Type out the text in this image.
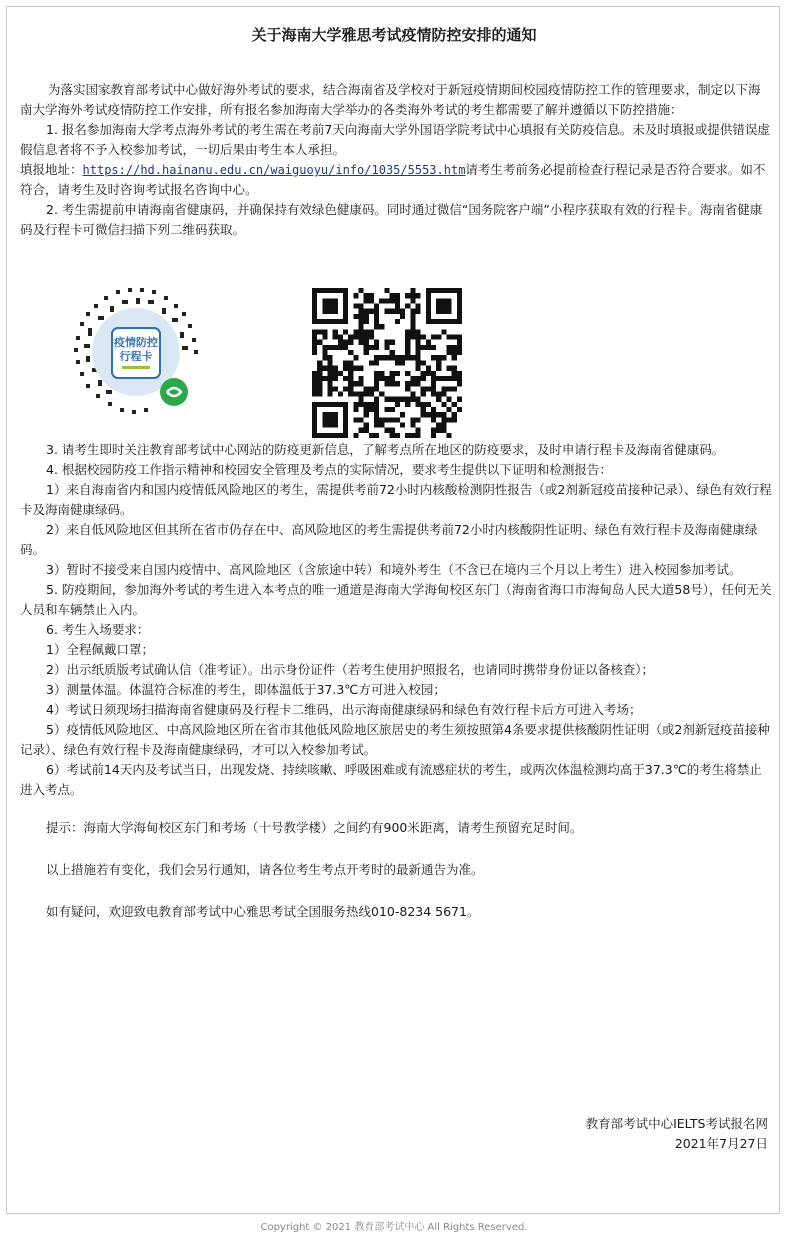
关于海南大学雅思考试疫情防控安排的通知

为落实国家教育部考试中心做好海外考试的要求，结合海南省及学校对于新冠疫情期间校园疫情防控工作的管理要求，制定以下海南大学海外考试疫情防控工作安排，所有报名参加海南大学举办的各类海外考试的考生都需要了解并遵循以下防控措施：

1. 报名参加海南大学考点海外考试的考生需在考前7天向海南大学外国语学院考试中心填报有关防疫信息。未及时填报或提供错误虚假信息者将不予入校参加考试，一切后果由考生本人承担。

填报地址：https://hd.hainanu.edu.cn/waiguoyu/info/1035/5553.htm请考生考前务必提前检查行程记录是否符合要求。如不符合，请考生及时咨询考试报名咨询中心。

2. 考生需提前申请海南省健康码，并确保持有效绿色健康码。同时通过微信“国务院客户端”小程序获取有效的行程卡。海南省健康码及行程卡可微信扫描下列二维码获取。

疫情防控
行程卡

3. 请考生即时关注教育部考试中心网站的防疫更新信息，了解考点所在地区的防疫要求，及时申请行程卡及海南省健康码。

4. 根据校园防疫工作指示精神和校园安全管理及考点的实际情况，要求考生提供以下证明和检测报告：

1）来自海南省内和国内疫情低风险地区的考生，需提供考前72小时内核酸检测阴性报告（或2剂新冠疫苗接种记录）、绿色有效行程卡及海南健康绿码。

2）来自低风险地区但其所在省市仍存在中、高风险地区的考生需提供考前72小时内核酸阴性证明、绿色有效行程卡及海南健康绿码。

3）暂时不接受来自国内疫情中、高风险地区（含旅途中转）和境外考生（不含已在境内三个月以上考生）进入校园参加考试。

5. 防疫期间，参加海外考试的考生进入本考点的唯一通道是海南大学海甸校区东门（海南省海口市海甸岛人民大道58号），任何无关人员和车辆禁止入内。

6. 考生入场要求：

1）全程佩戴口罩；

2）出示纸质版考试确认信（准考证）。出示身份证件（若考生使用护照报名，也请同时携带身份证以备核查）；

3）测量体温。体温符合标准的考生，即体温低于37.3℃方可进入校园；

4）考试日须现场扫描海南省健康码及行程卡二维码，出示海南健康绿码和绿色有效行程卡后方可进入考场；

5）疫情低风险地区、中高风险地区所在省市其他低风险地区旅居史的考生须按照第4条要求提供核酸阴性证明（或2剂新冠疫苗接种记录）、绿色有效行程卡及海南健康绿码，才可以入校参加考试。

6）考试前14天内及考试当日，出现发烧、持续咳嗽、呼吸困难或有流感症状的考生，或两次体温检测均高于37.3℃的考生将禁止进入考点。

提示：海南大学海甸校区东门和考场（十号教学楼）之间约有900米距离，请考生预留充足时间。

以上措施若有变化，我们会另行通知，请各位考生考点开考时的最新通告为准。

如有疑问，欢迎致电教育部考试中心雅思考试全国服务热线010-8234 5671。

教育部考试中心IELTS考试报名网
2021年7月27日
Copyright © 2021 教育部考试中心 All Rights Reserved.
